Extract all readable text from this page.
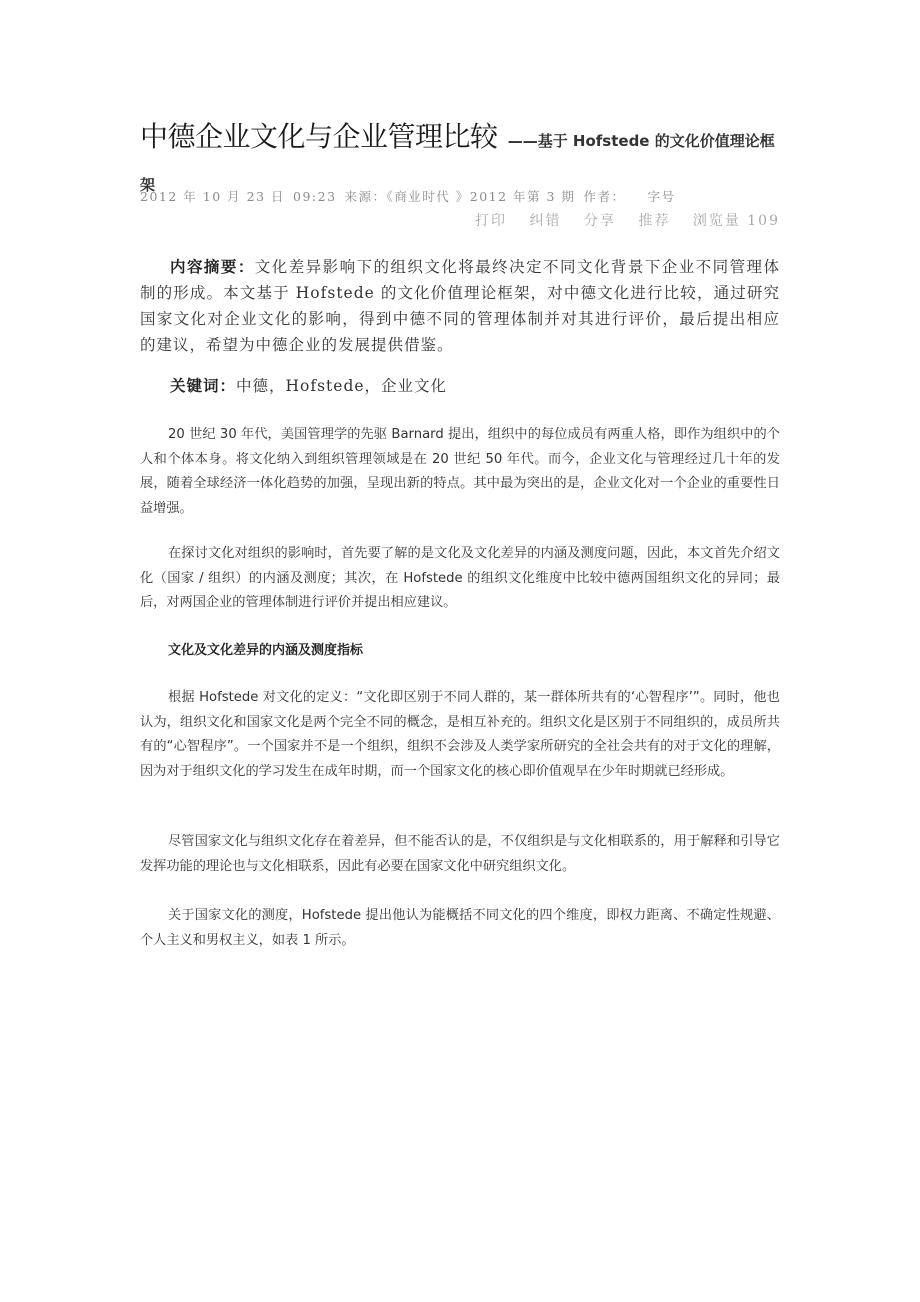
中德企业文化与企业管理比较 ——基于 Hofstede 的文化价值理论框架
2012 年 10 月 23 日 09:23 来源：《商业时代 》2012 年第 3 期 作者： 字号
打印 纠错 分享 推荐 浏览量 109

内容摘要：文化差异影响下的组织文化将最终决定不同文化背景下企业不同管理体制的形成。本文基于 Hofstede 的文化价值理论框架，对中德文化进行比较，通过研究国家文化对企业文化的影响，得到中德不同的管理体制并对其进行评价，最后提出相应的建议，希望为中德企业的发展提供借鉴。

关键词：中德，Hofstede，企业文化

20 世纪 30 年代，美国管理学的先驱 Barnard 提出，组织中的每位成员有两重人格，即作为组织中的个人和个体本身。将文化纳入到组织管理领域是在 20 世纪 50 年代。而今，企业文化与管理经过几十年的发展，随着全球经济一体化趋势的加强，呈现出新的特点。其中最为突出的是，企业文化对一个企业的重要性日益增强。

在探讨文化对组织的影响时，首先要了解的是文化及文化差异的内涵及测度问题，因此，本文首先介绍文化（国家 / 组织）的内涵及测度；其次，在 Hofstede 的组织文化维度中比较中德两国组织文化的异同；最后，对两国企业的管理体制进行评价并提出相应建议。

文化及文化差异的内涵及测度指标

根据 Hofstede 对文化的定义：“文化即区别于不同人群的，某一群体所共有的‘心智程序’”。同时，他也认为，组织文化和国家文化是两个完全不同的概念，是相互补充的。组织文化是区别于不同组织的，成员所共有的“心智程序”。一个国家并不是一个组织，组织不会涉及人类学家所研究的全社会共有的对于文化的理解，因为对于组织文化的学习发生在成年时期，而一个国家文化的核心即价值观早在少年时期就已经形成。

尽管国家文化与组织文化存在着差异，但不能否认的是，不仅组织是与文化相联系的，用于解释和引导它发挥功能的理论也与文化相联系，因此有必要在国家文化中研究组织文化。

关于国家文化的测度，Hofstede 提出他认为能概括不同文化的四个维度，即权力距离、不确定性规避、个人主义和男权主义，如表 1 所示。
